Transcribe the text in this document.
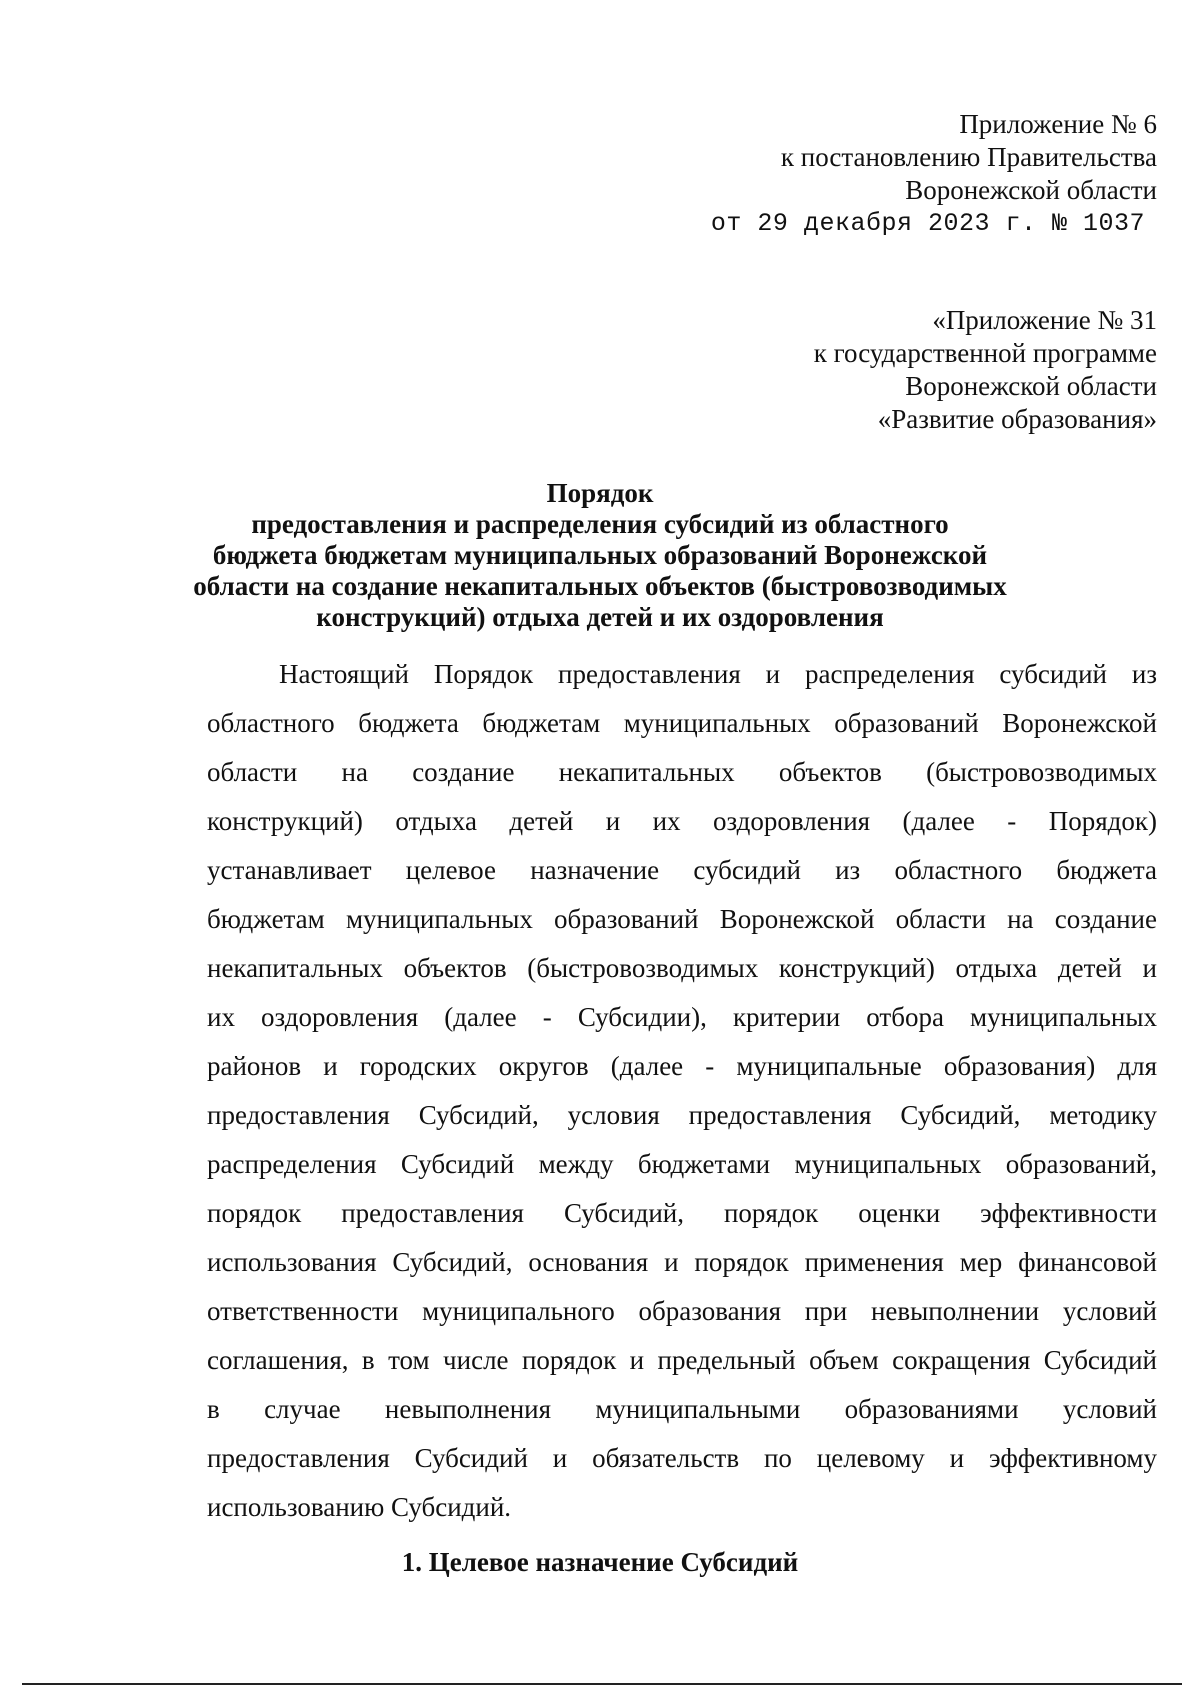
Приложение № 6
к постановлению Правительства
Воронежской области
от 29 декабря 2023 г. № 1037
«Приложение № 31
к государственной программе
Воронежской области
«Развитие образования»
Порядок
предоставления и распределения субсидий из областного
бюджета бюджетам муниципальных образований Воронежской
области на создание некапитальных объектов (быстровозводимых
конструкций) отдыха детей и их оздоровления
Настоящий Порядок предоставления и распределения субсидий из
областного бюджета бюджетам муниципальных образований Воронежской
области на создание некапитальных объектов (быстровозводимых
конструкций) отдыха детей и их оздоровления (далее - Порядок)
устанавливает целевое назначение субсидий из областного бюджета
бюджетам муниципальных образований Воронежской области на создание
некапитальных объектов (быстровозводимых конструкций) отдыха детей и
их оздоровления (далее - Субсидии), критерии отбора муниципальных
районов и городских округов (далее - муниципальные образования) для
предоставления Субсидий, условия предоставления Субсидий, методику
распределения Субсидий между бюджетами муниципальных образований,
порядок предоставления Субсидий, порядок оценки эффективности
использования Субсидий, основания и порядок применения мер финансовой
ответственности муниципального образования при невыполнении условий
соглашения, в том числе порядок и предельный объем сокращения Субсидий
в случае невыполнения муниципальными образованиями условий
предоставления Субсидий и обязательств по целевому и эффективному
использованию Субсидий.
1. Целевое назначение Субсидий
